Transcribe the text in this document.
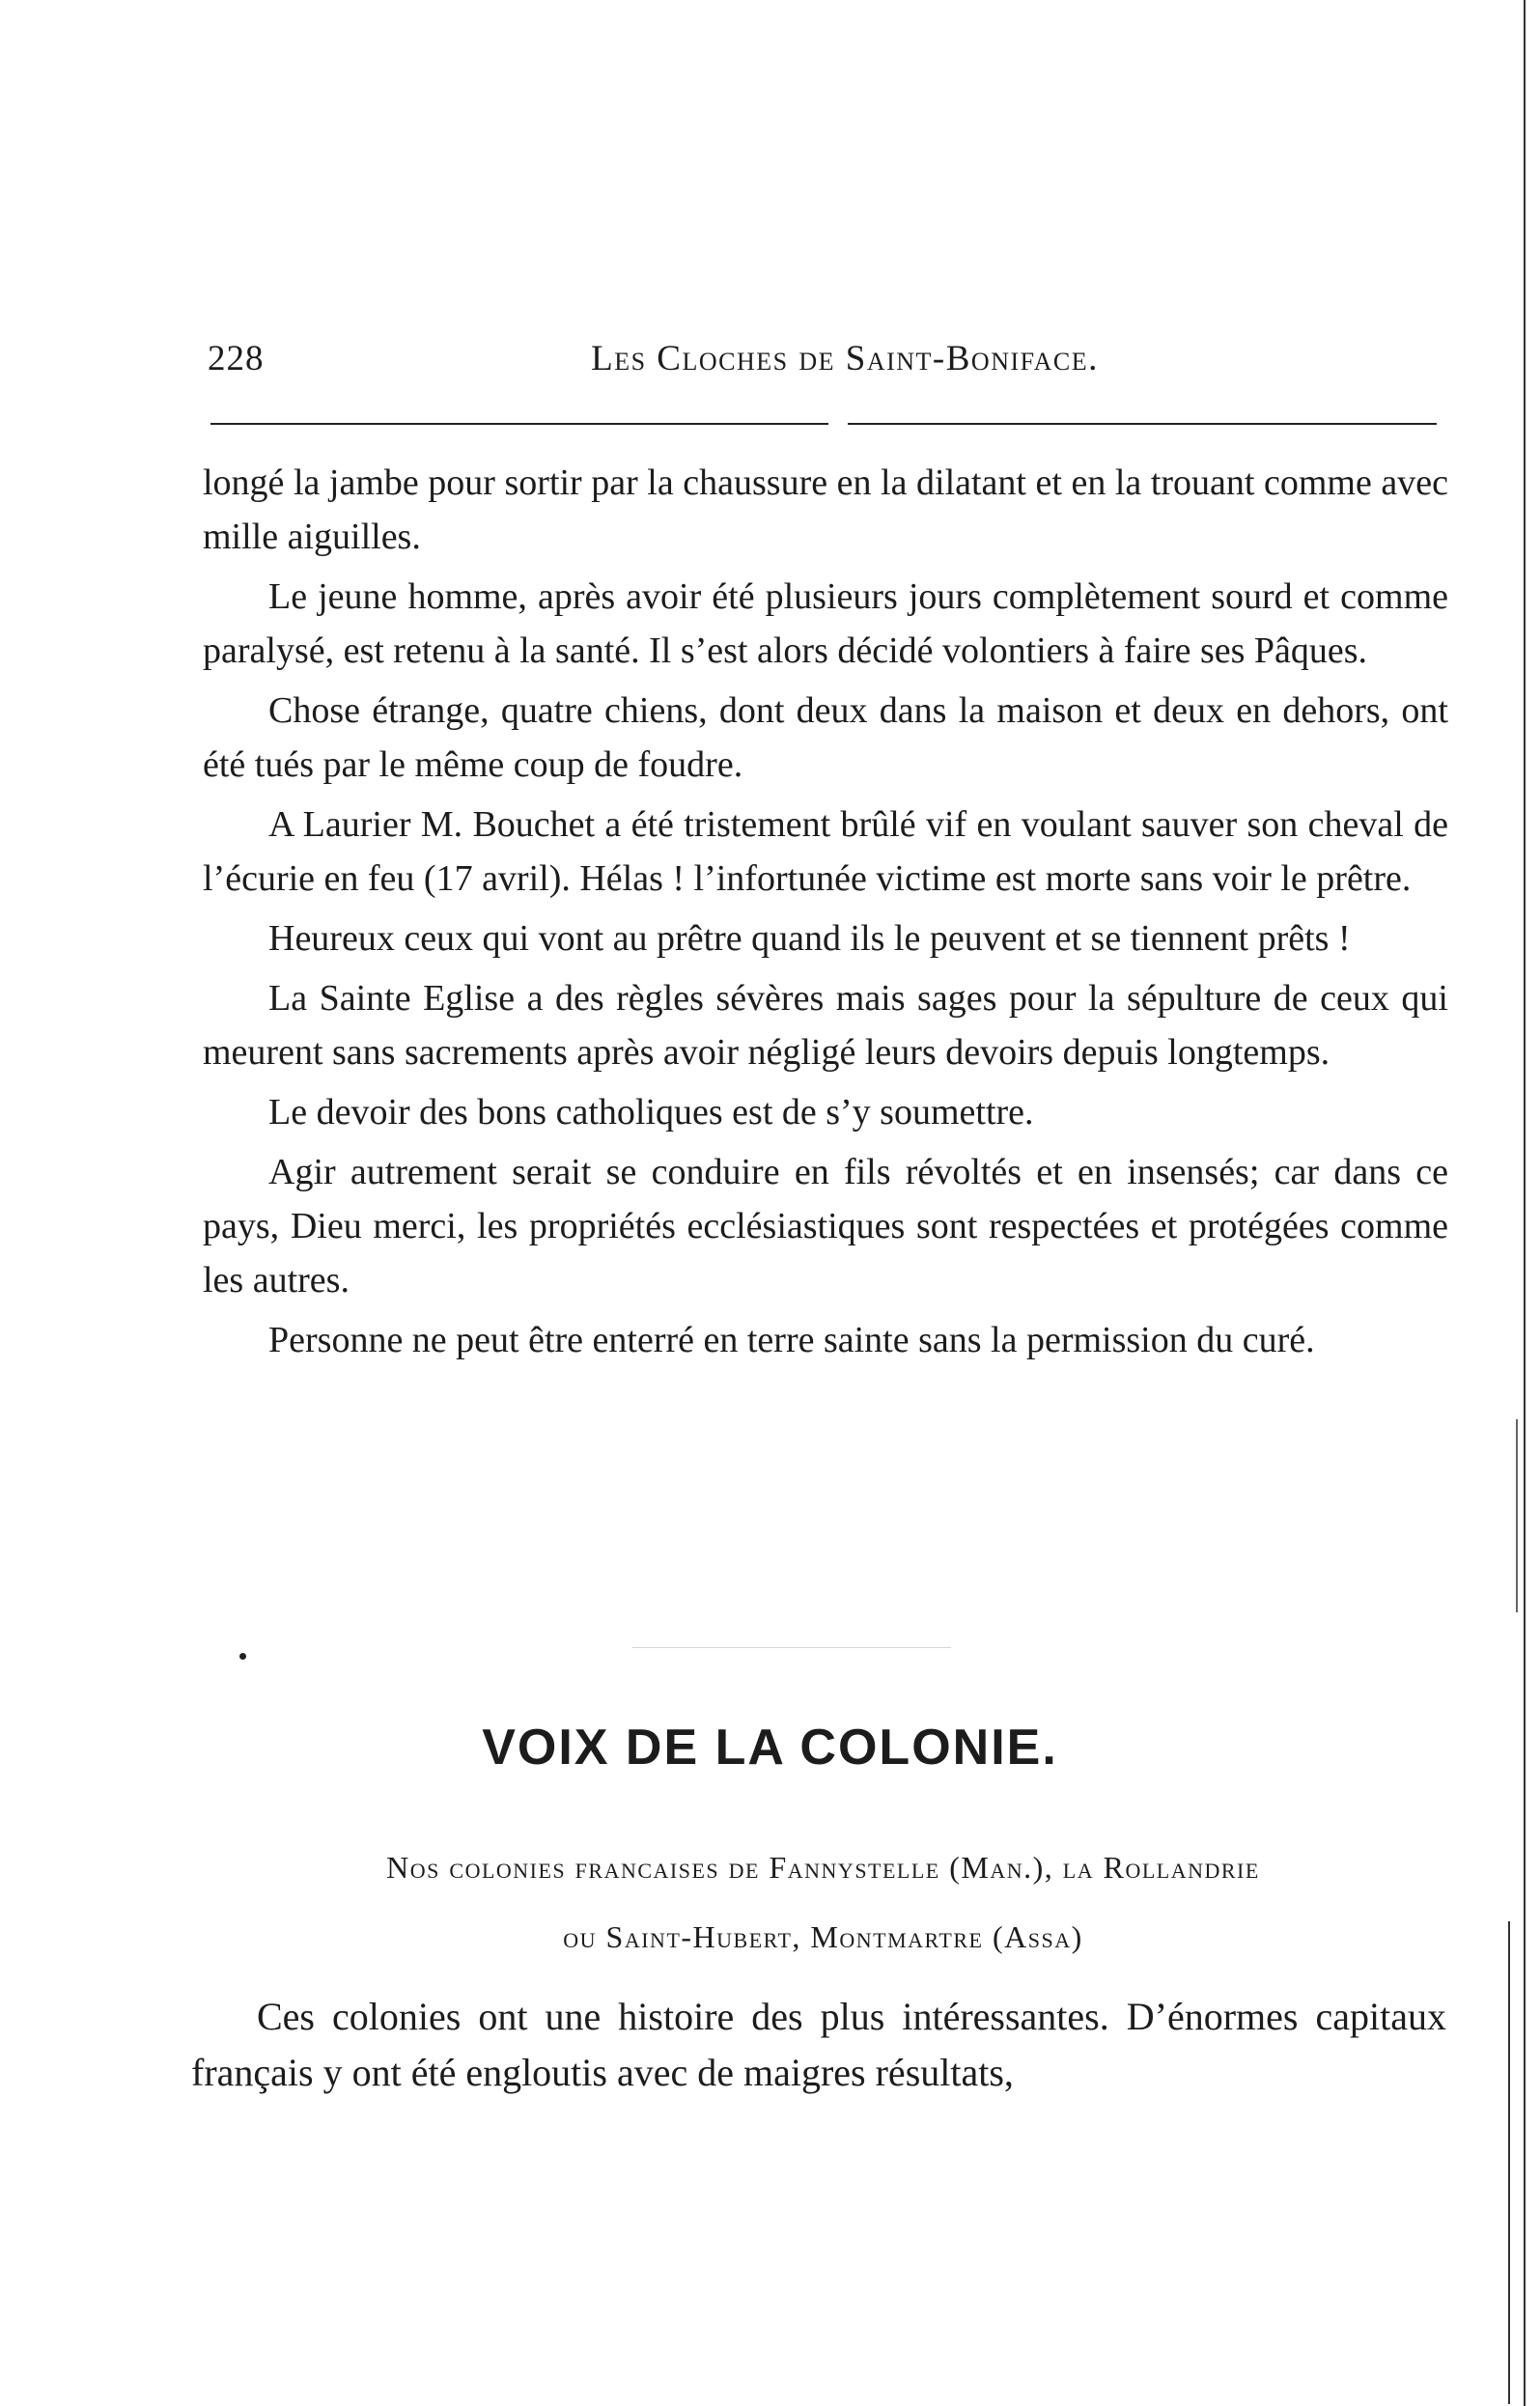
228	Les Cloches de Saint-Boniface.

longé la jambe pour sortir par la chaussure en la dilatant et en la trouant comme avec mille aiguilles.

Le jeune homme, après avoir été plusieurs jours complètement sourd et comme paralysé, est retenu à la santé. Il s’est alors décidé volontiers à faire ses Pâques.

Chose étrange, quatre chiens, dont deux dans la maison et deux en dehors, ont été tués par le même coup de foudre.

A Laurier M. Bouchet a été tristement brûlé vif en voulant sauver son cheval de l’écurie en feu (17 avril). Hélas ! l’infortunée victime est morte sans voir le prêtre.

Heureux ceux qui vont au prêtre quand ils le peuvent et se tiennent prêts !

La Sainte Eglise a des règles sévères mais sages pour la sépulture de ceux qui meurent sans sacrements après avoir négligé leurs devoirs depuis longtemps.

Le devoir des bons catholiques est de s’y soumettre.

Agir autrement serait se conduire en fils révoltés et en insensés; car dans ce pays, Dieu merci, les propriétés ecclésiastiques sont respectées et protégées comme les autres.

Personne ne peut être enterré en terre sainte sans la permission du curé.

VOIX DE LA COLONIE.
Nos colonies francaises de Fannystelle (Man.), la Rollandrie
ou Saint-Hubert, Montmartre (Assa)

Ces colonies ont une histoire des plus intéressantes. D’énormes capitaux français y ont été engloutis avec de maigres résultats,
